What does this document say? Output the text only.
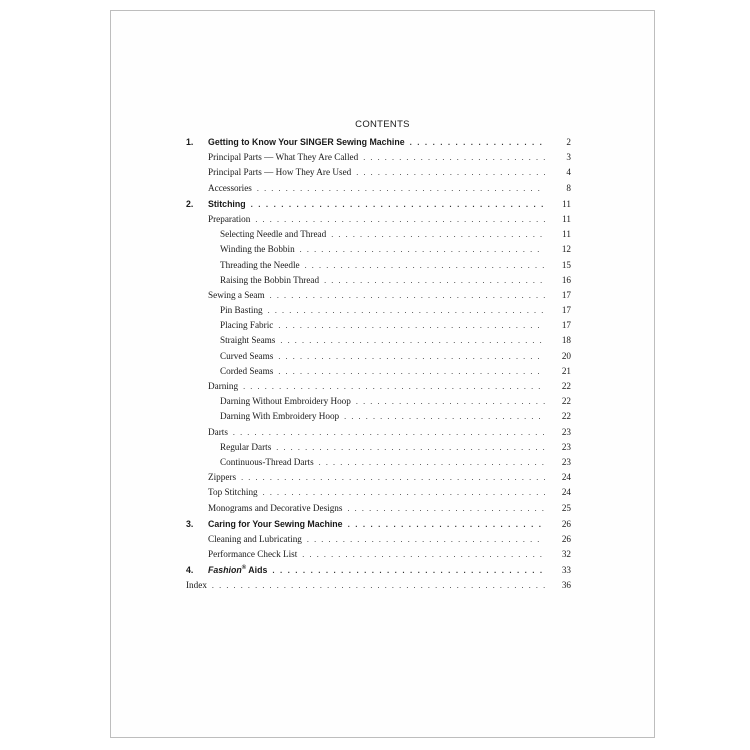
CONTENTS
1. Getting to Know Your SINGER Sewing Machine . . .	2
Principal Parts — What They Are Called . . .	3
Principal Parts — How They Are Used . . .	4
Accessories . . .	8
2. Stitching . . .	11
Preparation . . .	11
Selecting Needle and Thread . . .	11
Winding the Bobbin . . .	12
Threading the Needle . . .	15
Raising the Bobbin Thread . . .	16
Sewing a Seam . . .	17
Pin Basting . . .	17
Placing Fabric . . .	17
Straight Seams . . .	18
Curved Seams . . .	20
Corded Seams . . .	21
Darning . . .	22
Darning Without Embroidery Hoop . . .	22
Darning With Embroidery Hoop . . .	22
Darts . . .	23
Regular Darts . . .	23
Continuous-Thread Darts . . .	23
Zippers . . .	24
Top Stitching . . .	24
Monograms and Decorative Designs . . .	25
3. Caring for Your Sewing Machine . . .	26
Cleaning and Lubricating . . .	26
Performance Check List . . .	32
4. Fashion® Aids . . .	33
Index . . .	36
